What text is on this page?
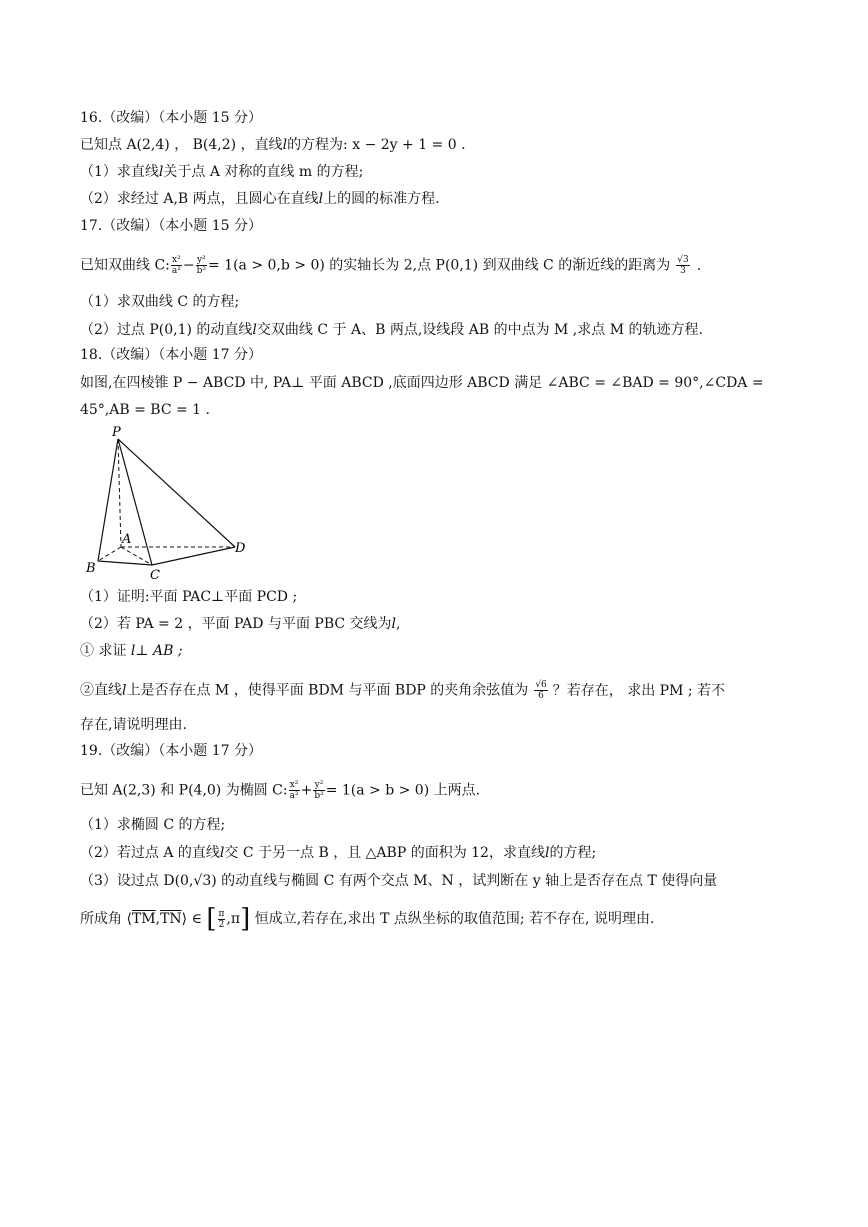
16.（改编）（本小题 15 分）
已知点 A(2,4) ， B(4,2) ，直线l的方程为: x − 2y + 1 = 0 .
（1）求直线l关于点 A 对称的直线 m 的方程;
（2）求经过 A,B 两点，且圆心在直线l上的圆的标准方程.
17.（改编）（本小题 15 分）
已知双曲线 C: $\frac{\text{x²}}{\text{a²}} - \frac{\text{y²}}{\text{b²}} = 1(a > 0,b > 0)$ 的实轴长为 2,点 P(0,1) 到双曲线 C 的渐近线的距离为 $\frac{√3}{3}$ .
（1）求双曲线 C 的方程;
（2）过点 P(0,1) 的动直线l交双曲线 C 于 A、B 两点,设线段 AB 的中点为 M ,求点 M 的轨迹方程.
18.（改编）（本小题 17 分）
如图,在四棱锥 P − ABCD 中, PA⊥ 平面 ABCD ,底面四边形 ABCD 满足 ∠ABC = ∠BAD = 90°,∠CDA =
45°,AB = BC = 1 .
P
A
B	C
D
（1）证明:平面 PAC⊥平面 PCD ;
（2）若 PA = 2 ，平面 PAD 与平面 PBC 交线为l,
① 求证 l⊥ AB ;
②直线l上是否存在点 M ，使得平面 BDM 与平面 BDP 的夹角余弦值为 $\frac{√6}{6}$ ？若存在， 求出 PM ; 若不
存在,请说明理由.
19.（改编）（本小题 17 分）
已知 A(2,3) 和 P(4,0) 为椭圆 C: $\frac{\text{x²}}{\text{a²}} + \frac{\text{y²}}{\text{b²}} = 1(a > b > 0)$ 上两点.
（1）求椭圆 C 的方程;
（2）若过点 A 的直线l交 C 于另一点 B ，且 △ABP 的面积为 12，求直线l的方程;
（3）设过点 D(0,√3) 的动直线与椭圆 C 有两个交点 M、N ，试判断在 y 轴上是否存在点 T 使得向量
所成角 $⟨\overline{TM},\overline{TN}⟩$ ∈ [ $\frac{\pi}{2} ,\pi$] 恒成立,若存在,求出 T 点纵坐标的取值范围; 若不存在, 说明理由.
